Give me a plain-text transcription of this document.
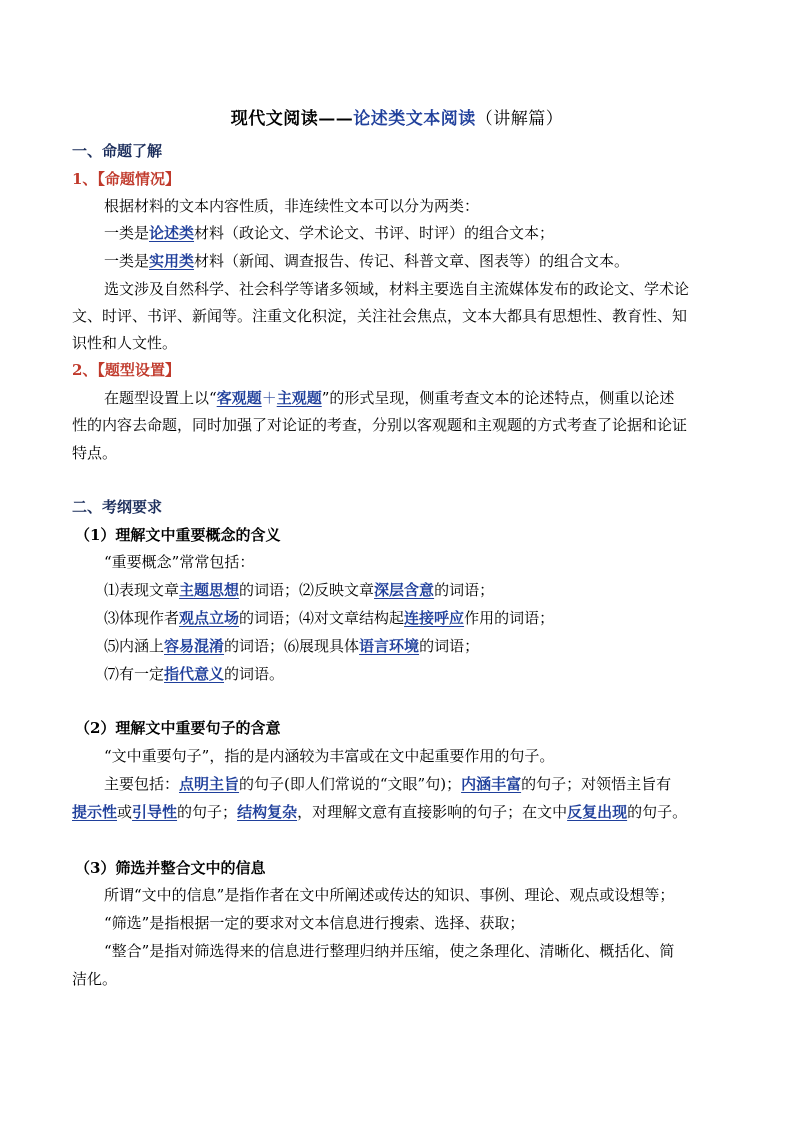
现代文阅读——论述类文本阅读（讲解篇）
一、命题了解
1、【命题情况】
根据材料的文本内容性质，非连续性文本可以分为两类：
一类是论述类材料（政论文、学术论文、书评、时评）的组合文本；
一类是实用类材料（新闻、调查报告、传记、科普文章、图表等）的组合文本。
选文涉及自然科学、社会科学等诸多领域，材料主要选自主流媒体发布的政论文、学术论
文、时评、书评、新闻等。注重文化积淀，关注社会焦点，文本大都具有思想性、教育性、知
识性和人文性。
2、【题型设置】
在题型设置上以“客观题＋主观题”的形式呈现，侧重考查文本的论述特点，侧重以论述
性的内容去命题，同时加强了对论证的考查，分别以客观题和主观题的方式考查了论据和论证
特点。
二、考纲要求
（1）理解文中重要概念的含义
“重要概念”常常包括：
⑴表现文章主题思想的词语；⑵反映文章深层含意的词语；
⑶体现作者观点立场的词语；⑷对文章结构起连接呼应作用的词语；
⑸内涵上容易混淆的词语；⑹展现具体语言环境的词语；
⑺有一定指代意义的词语。
（2）理解文中重要句子的含意
“文中重要句子”，指的是内涵较为丰富或在文中起重要作用的句子。
主要包括：点明主旨的句子(即人们常说的“文眼”句)；内涵丰富的句子；对领悟主旨有
提示性或引导性的句子；结构复杂，对理解文意有直接影响的句子；在文中反复出现的句子。
（3）筛选并整合文中的信息
所谓“文中的信息”是指作者在文中所阐述或传达的知识、事例、理论、观点或设想等；
“筛选”是指根据一定的要求对文本信息进行搜索、选择、获取；
“整合”是指对筛选得来的信息进行整理归纳并压缩，使之条理化、清晰化、概括化、简
洁化。
